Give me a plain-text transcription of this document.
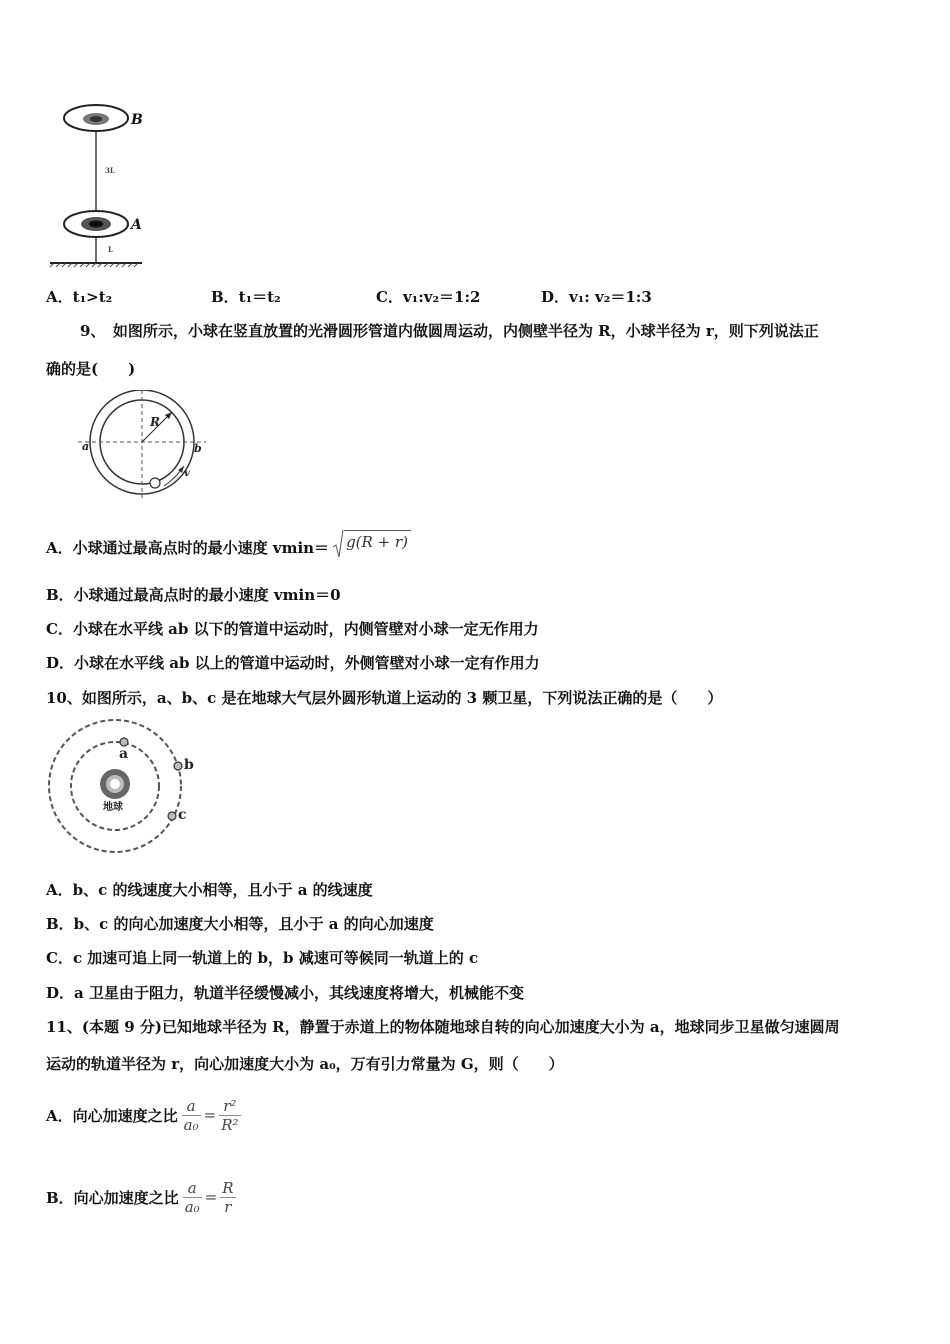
B
A
3L
L
A．t₁>t₂	B．t₁＝t₂	C．v₁:v₂＝1:2	D．v₁: v₂＝1:3
9、　如图所示，小球在竖直放置的光滑圆形管道内做圆周运动，内侧壁半径为 R，小球半径为 r，则下列说法正
确的是(　　)
R
a	b
v
A．小球通过最高点时的最小速度 vmin＝	g(R + r)
B．小球通过最高点时的最小速度 vmin＝0
C．小球在水平线 ab 以下的管道中运动时，内侧管壁对小球一定无作用力
D．小球在水平线 ab 以上的管道中运动时，外侧管壁对小球一定有作用力
10、如图所示，a、b、c 是在地球大气层外圆形轨道上运动的 3 颗卫星，下列说法正确的是（　　）
a
b
c
地球
A．b、c 的线速度大小相等，且小于 a 的线速度
B．b、c 的向心加速度大小相等，且小于 a 的向心加速度
C．c 加速可追上同一轨道上的 b，b 减速可等候同一轨道上的 c
D．a 卫星由于阻力，轨道半径缓慢减小，其线速度将增大，机械能不变
11、(本题 9 分)已知地球半径为 R，静置于赤道上的物体随地球自转的向心加速度大小为 a，地球同步卫星做匀速圆周
运动的轨道半径为 r，向心加速度大小为 a₀，万有引力常量为 G，则（　　）
A．向心加速度之比 $\frac{a}{\text{a₀}} = \frac{\text{r²}}{\text{R²}}$
B．向心加速度之比 $\frac{a}{\text{a₀}} = \frac{R}{r}$
